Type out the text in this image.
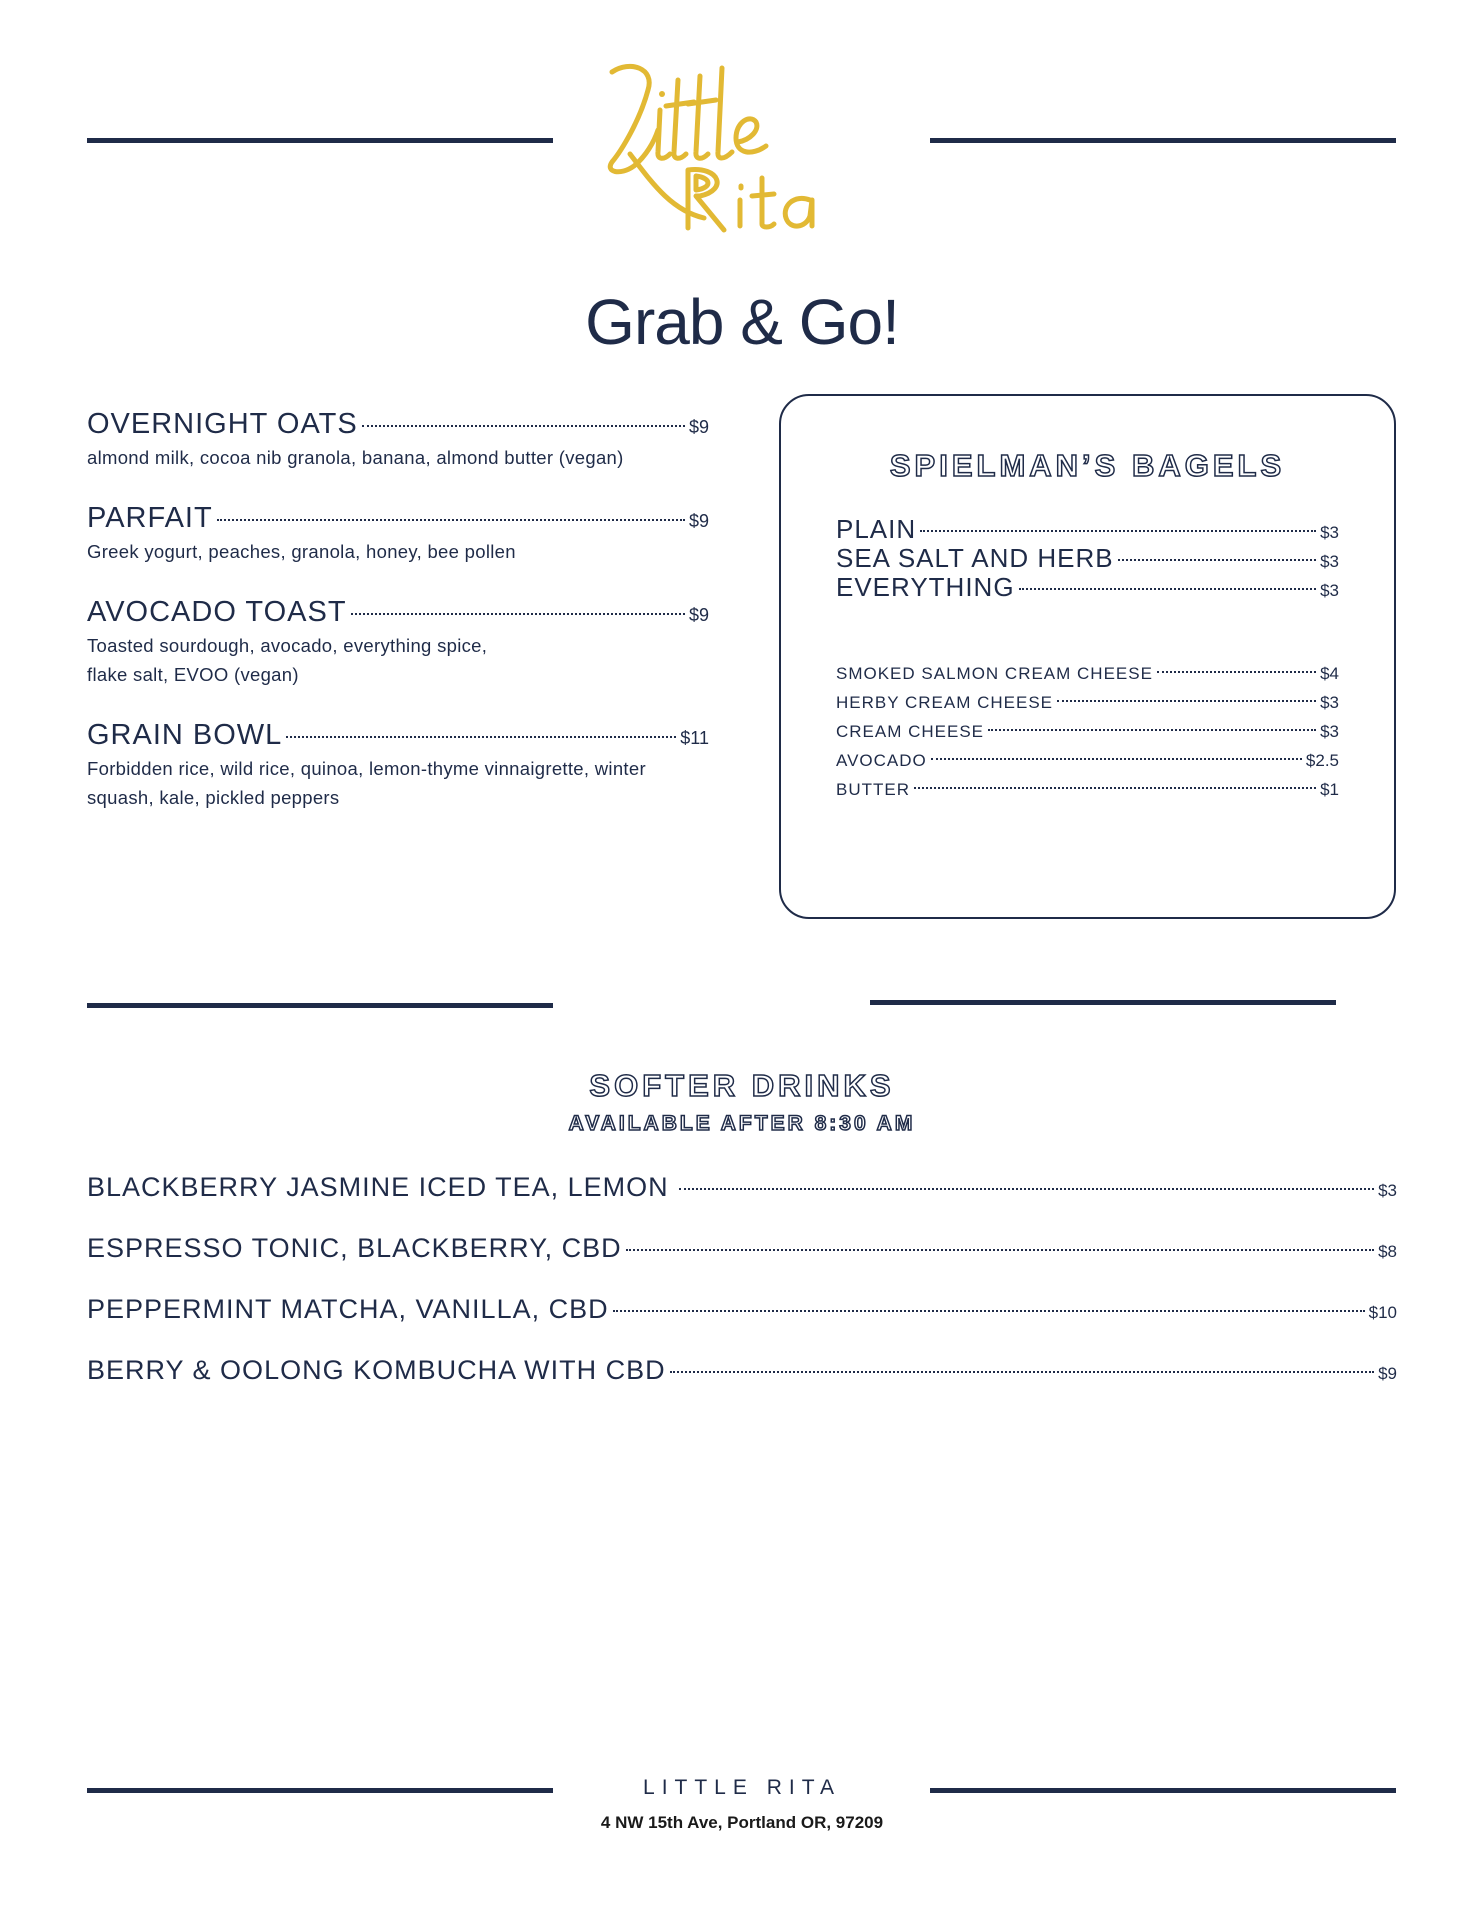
Grab & Go!
OVERNIGHT OATS	$9
almond milk, cocoa nib granola, banana, almond butter (vegan)
PARFAIT	$9
Greek yogurt, peaches, granola, honey, bee pollen
AVOCADO TOAST	$9
Toasted sourdough, avocado, everything spice,
flake salt, EVOO (vegan)
GRAIN BOWL	$11
Forbidden rice, wild rice, quinoa, lemon-thyme vinnaigrette, winter
squash, kale, pickled peppers
SPIELMAN’S BAGELS
PLAIN	$3
SEA SALT AND HERB	$3
EVERYTHING	$3
SMOKED SALMON CREAM CHEESE	$4
HERBY CREAM CHEESE	$3
CREAM CHEESE	$3
AVOCADO	$2.5
BUTTER	$1
SOFTER DRINKS
AVAILABLE AFTER 8:30 AM
BLACKBERRY JASMINE ICED TEA, LEMON	$3
ESPRESSO TONIC, BLACKBERRY, CBD	$8
PEPPERMINT MATCHA, VANILLA, CBD	$10
BERRY & OOLONG KOMBUCHA WITH CBD	$9
LITTLE RITA
4 NW 15th Ave, Portland OR, 97209
